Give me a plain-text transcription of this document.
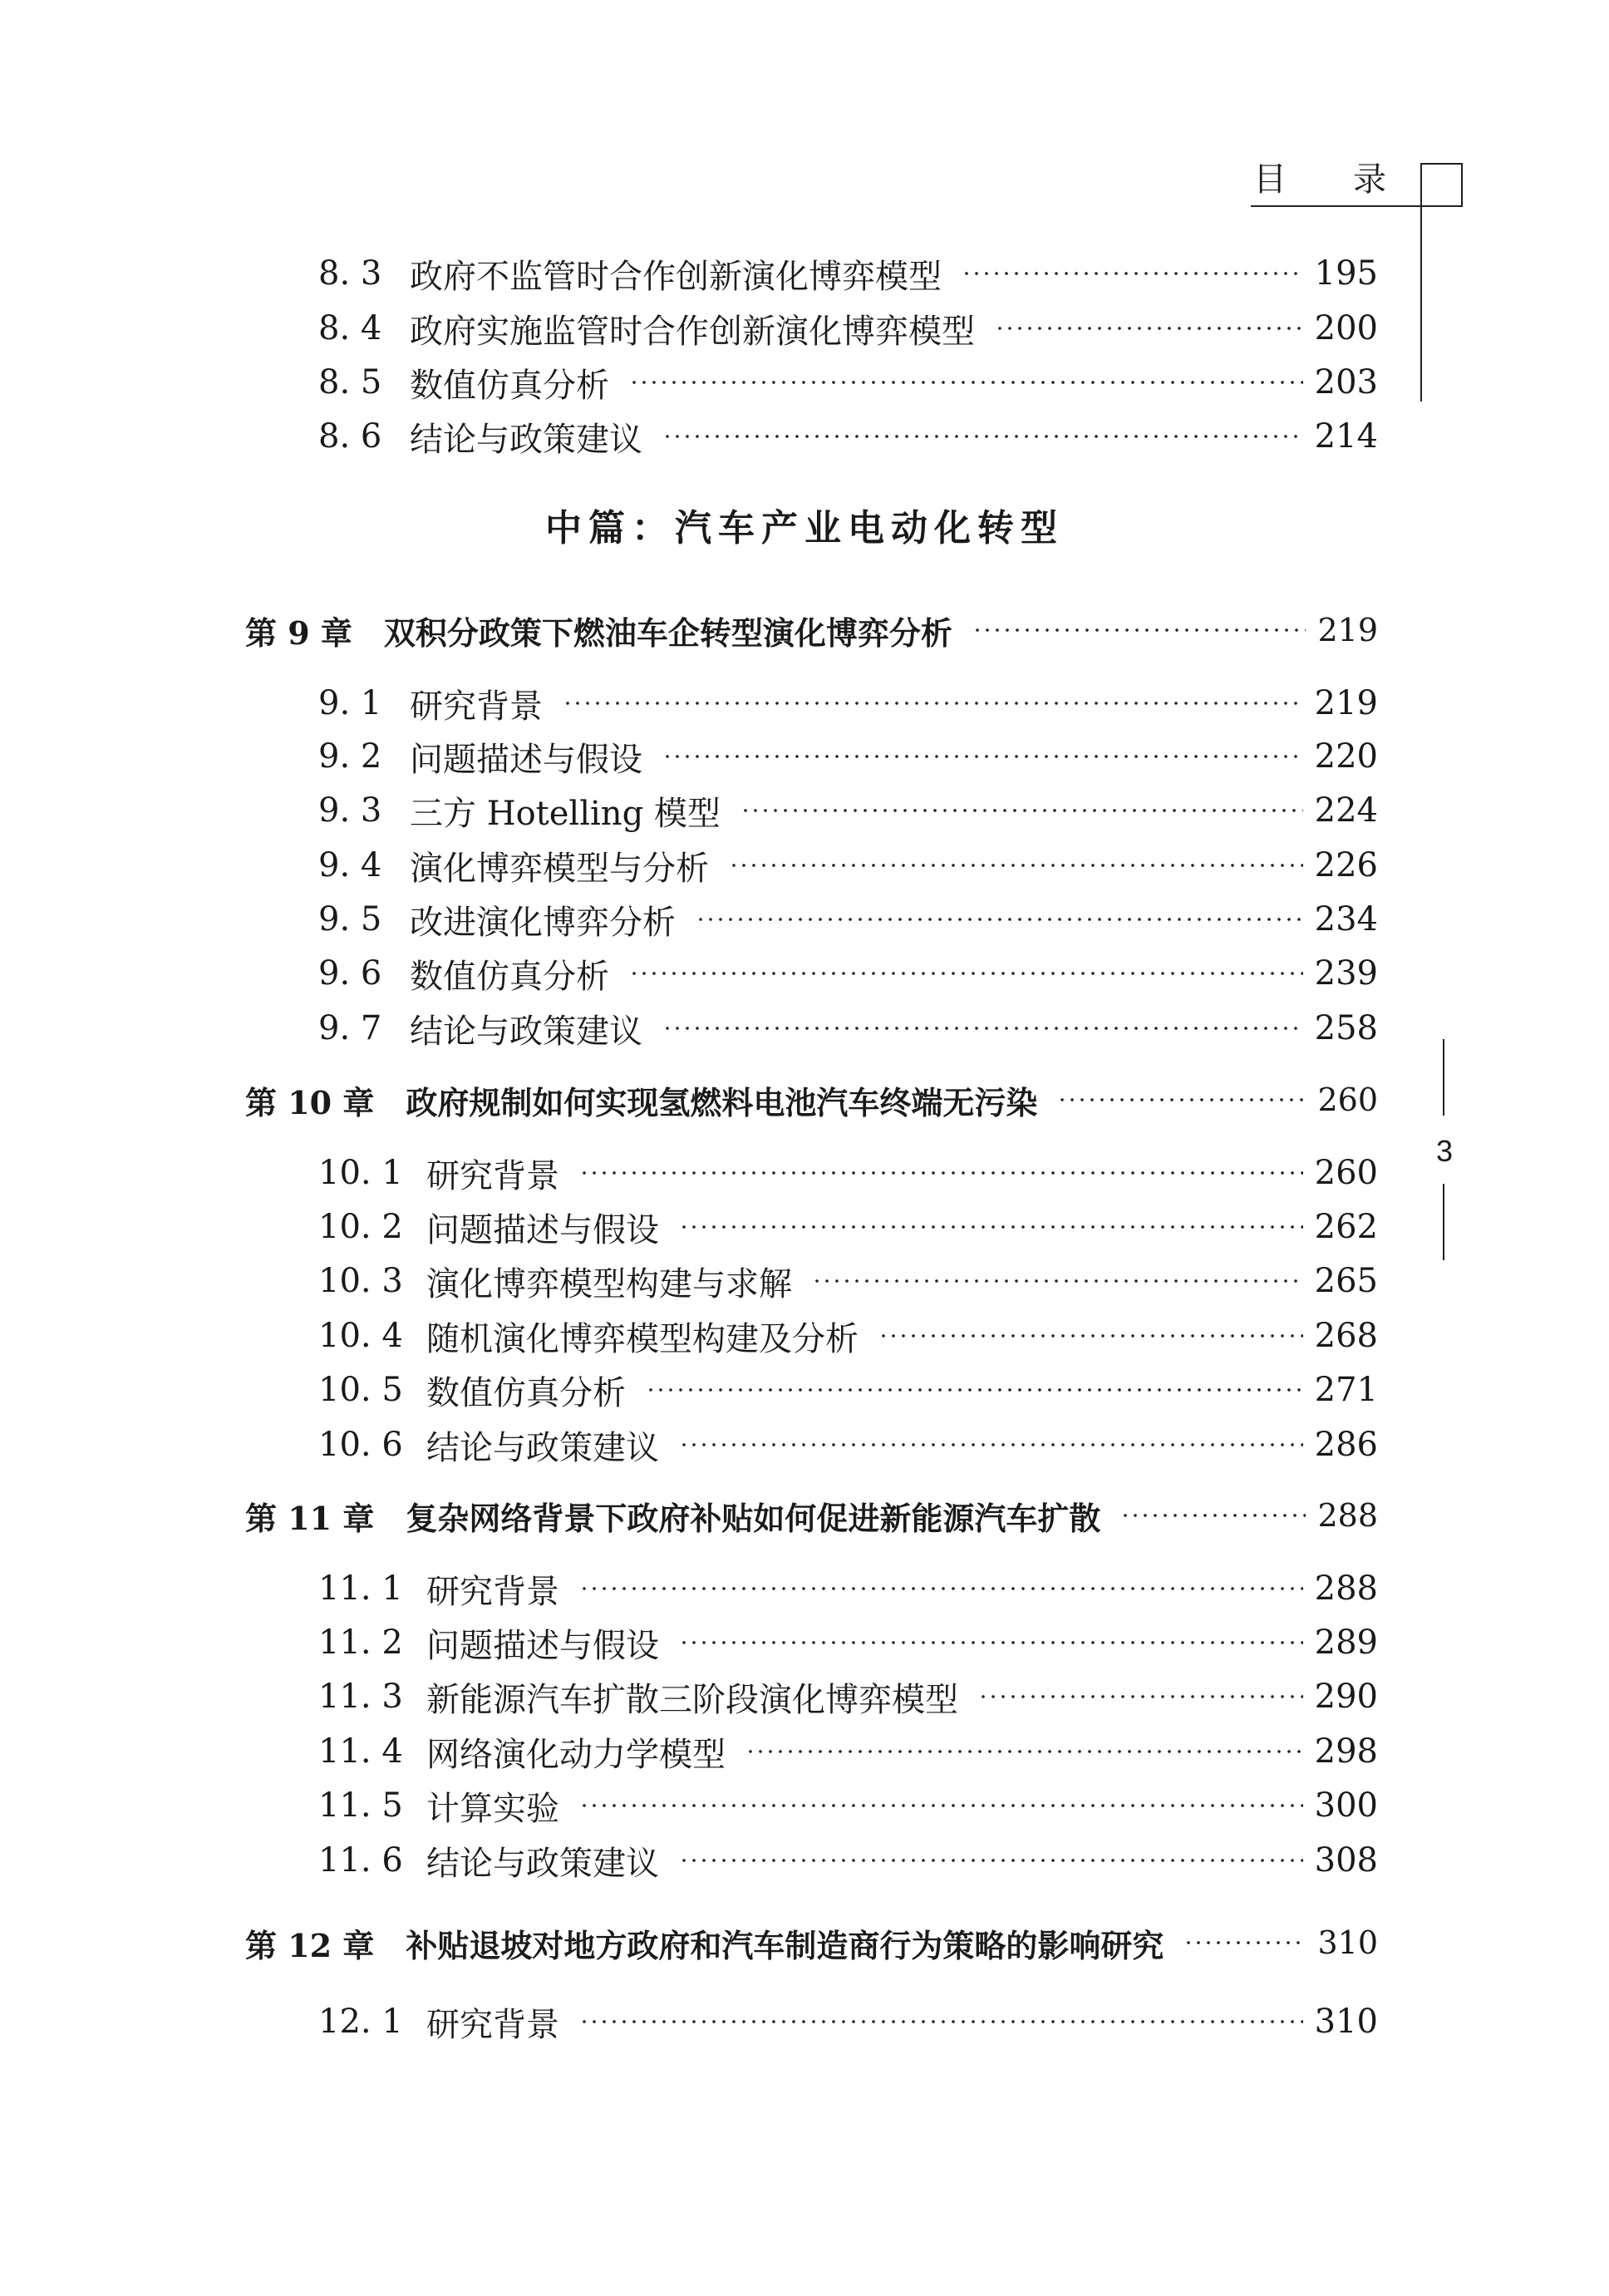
目 录
3
8. 3 政府不监管时合作创新演化博弈模型	195
8. 4 政府实施监管时合作创新演化博弈模型	200
8. 5 数值仿真分析	203
8. 6 结论与政策建议	214
中篇：汽车产业电动化转型
第 9 章	双积分政策下燃油车企转型演化博弈分析	219
9. 1 研究背景	219
9. 2 问题描述与假设	220
9. 3 三方 Hotelling 模型	224
9. 4 演化博弈模型与分析	226
9. 5 改进演化博弈分析	234
9. 6 数值仿真分析	239
9. 7 结论与政策建议	258
第 10 章	政府规制如何实现氢燃料电池汽车终端无污染	260
10. 1 研究背景	260
10. 2 问题描述与假设	262
10. 3 演化博弈模型构建与求解	265
10. 4 随机演化博弈模型构建及分析	268
10. 5 数值仿真分析	271
10. 6 结论与政策建议	286
第 11 章	复杂网络背景下政府补贴如何促进新能源汽车扩散	288
11. 1 研究背景	288
11. 2 问题描述与假设	289
11. 3 新能源汽车扩散三阶段演化博弈模型	290
11. 4 网络演化动力学模型	298
11. 5 计算实验	300
11. 6 结论与政策建议	308
第 12 章	补贴退坡对地方政府和汽车制造商行为策略的影响研究	310
12. 1 研究背景	310
